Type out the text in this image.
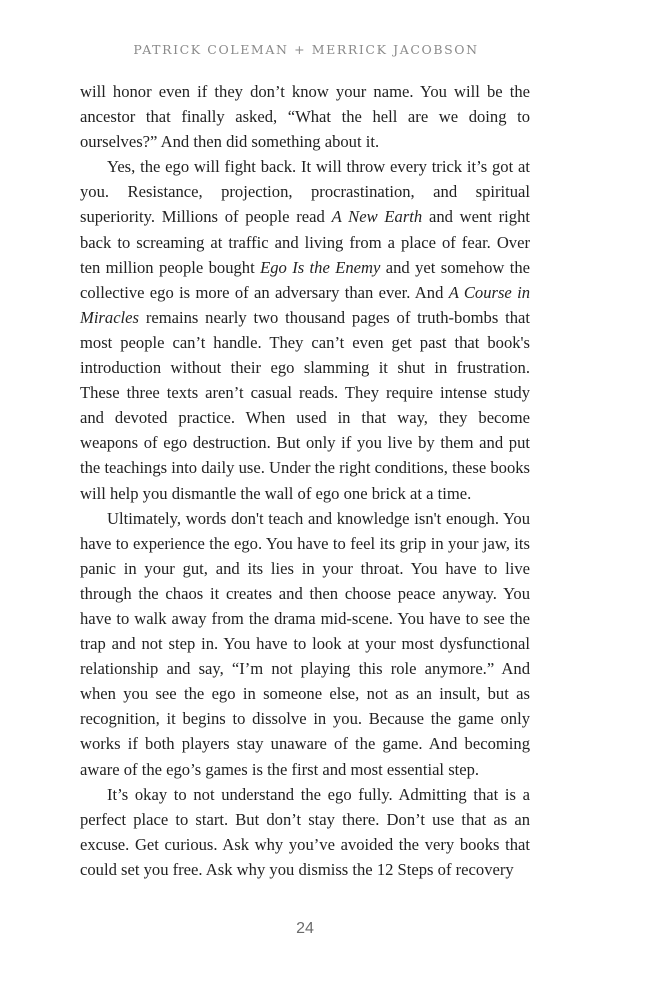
PATRICK COLEMAN + MERRICK JACOBSON

will honor even if they don’t know your name. You will be the ancestor that finally asked, “What the hell are we doing to ourselves?” And then did something about it.

Yes, the ego will fight back. It will throw every trick it’s got at you. Resistance, projection, procrastination, and spiritual superiority. Millions of people read A New Earth and went right back to screaming at traffic and living from a place of fear. Over ten million people bought Ego Is the Enemy and yet somehow the collective ego is more of an adversary than ever. And A Course in Miracles remains nearly two thousand pages of truth-bombs that most people can’t handle. They can’t even get past that book's introduction without their ego slamming it shut in frustration. These three texts aren’t casual reads. They require intense study and devoted practice. When used in that way, they become weapons of ego destruction. But only if you live by them and put the teachings into daily use. Under the right conditions, these books will help you dismantle the wall of ego one brick at a time.

Ultimately, words don't teach and knowledge isn't enough. You have to experience the ego. You have to feel its grip in your jaw, its panic in your gut, and its lies in your throat. You have to live through the chaos it creates and then choose peace anyway. You have to walk away from the drama mid-scene. You have to see the trap and not step in. You have to look at your most dysfunctional relationship and say, “I’m not playing this role anymore.” And when you see the ego in someone else, not as an insult, but as recognition, it begins to dissolve in you. Because the game only works if both players stay unaware of the game. And becoming aware of the ego’s games is the first and most essential step.

It’s okay to not understand the ego fully. Admitting that is a perfect place to start. But don’t stay there. Don’t use that as an excuse. Get curious. Ask why you’ve avoided the very books that could set you free. Ask why you dismiss the 12 Steps of recovery

24
